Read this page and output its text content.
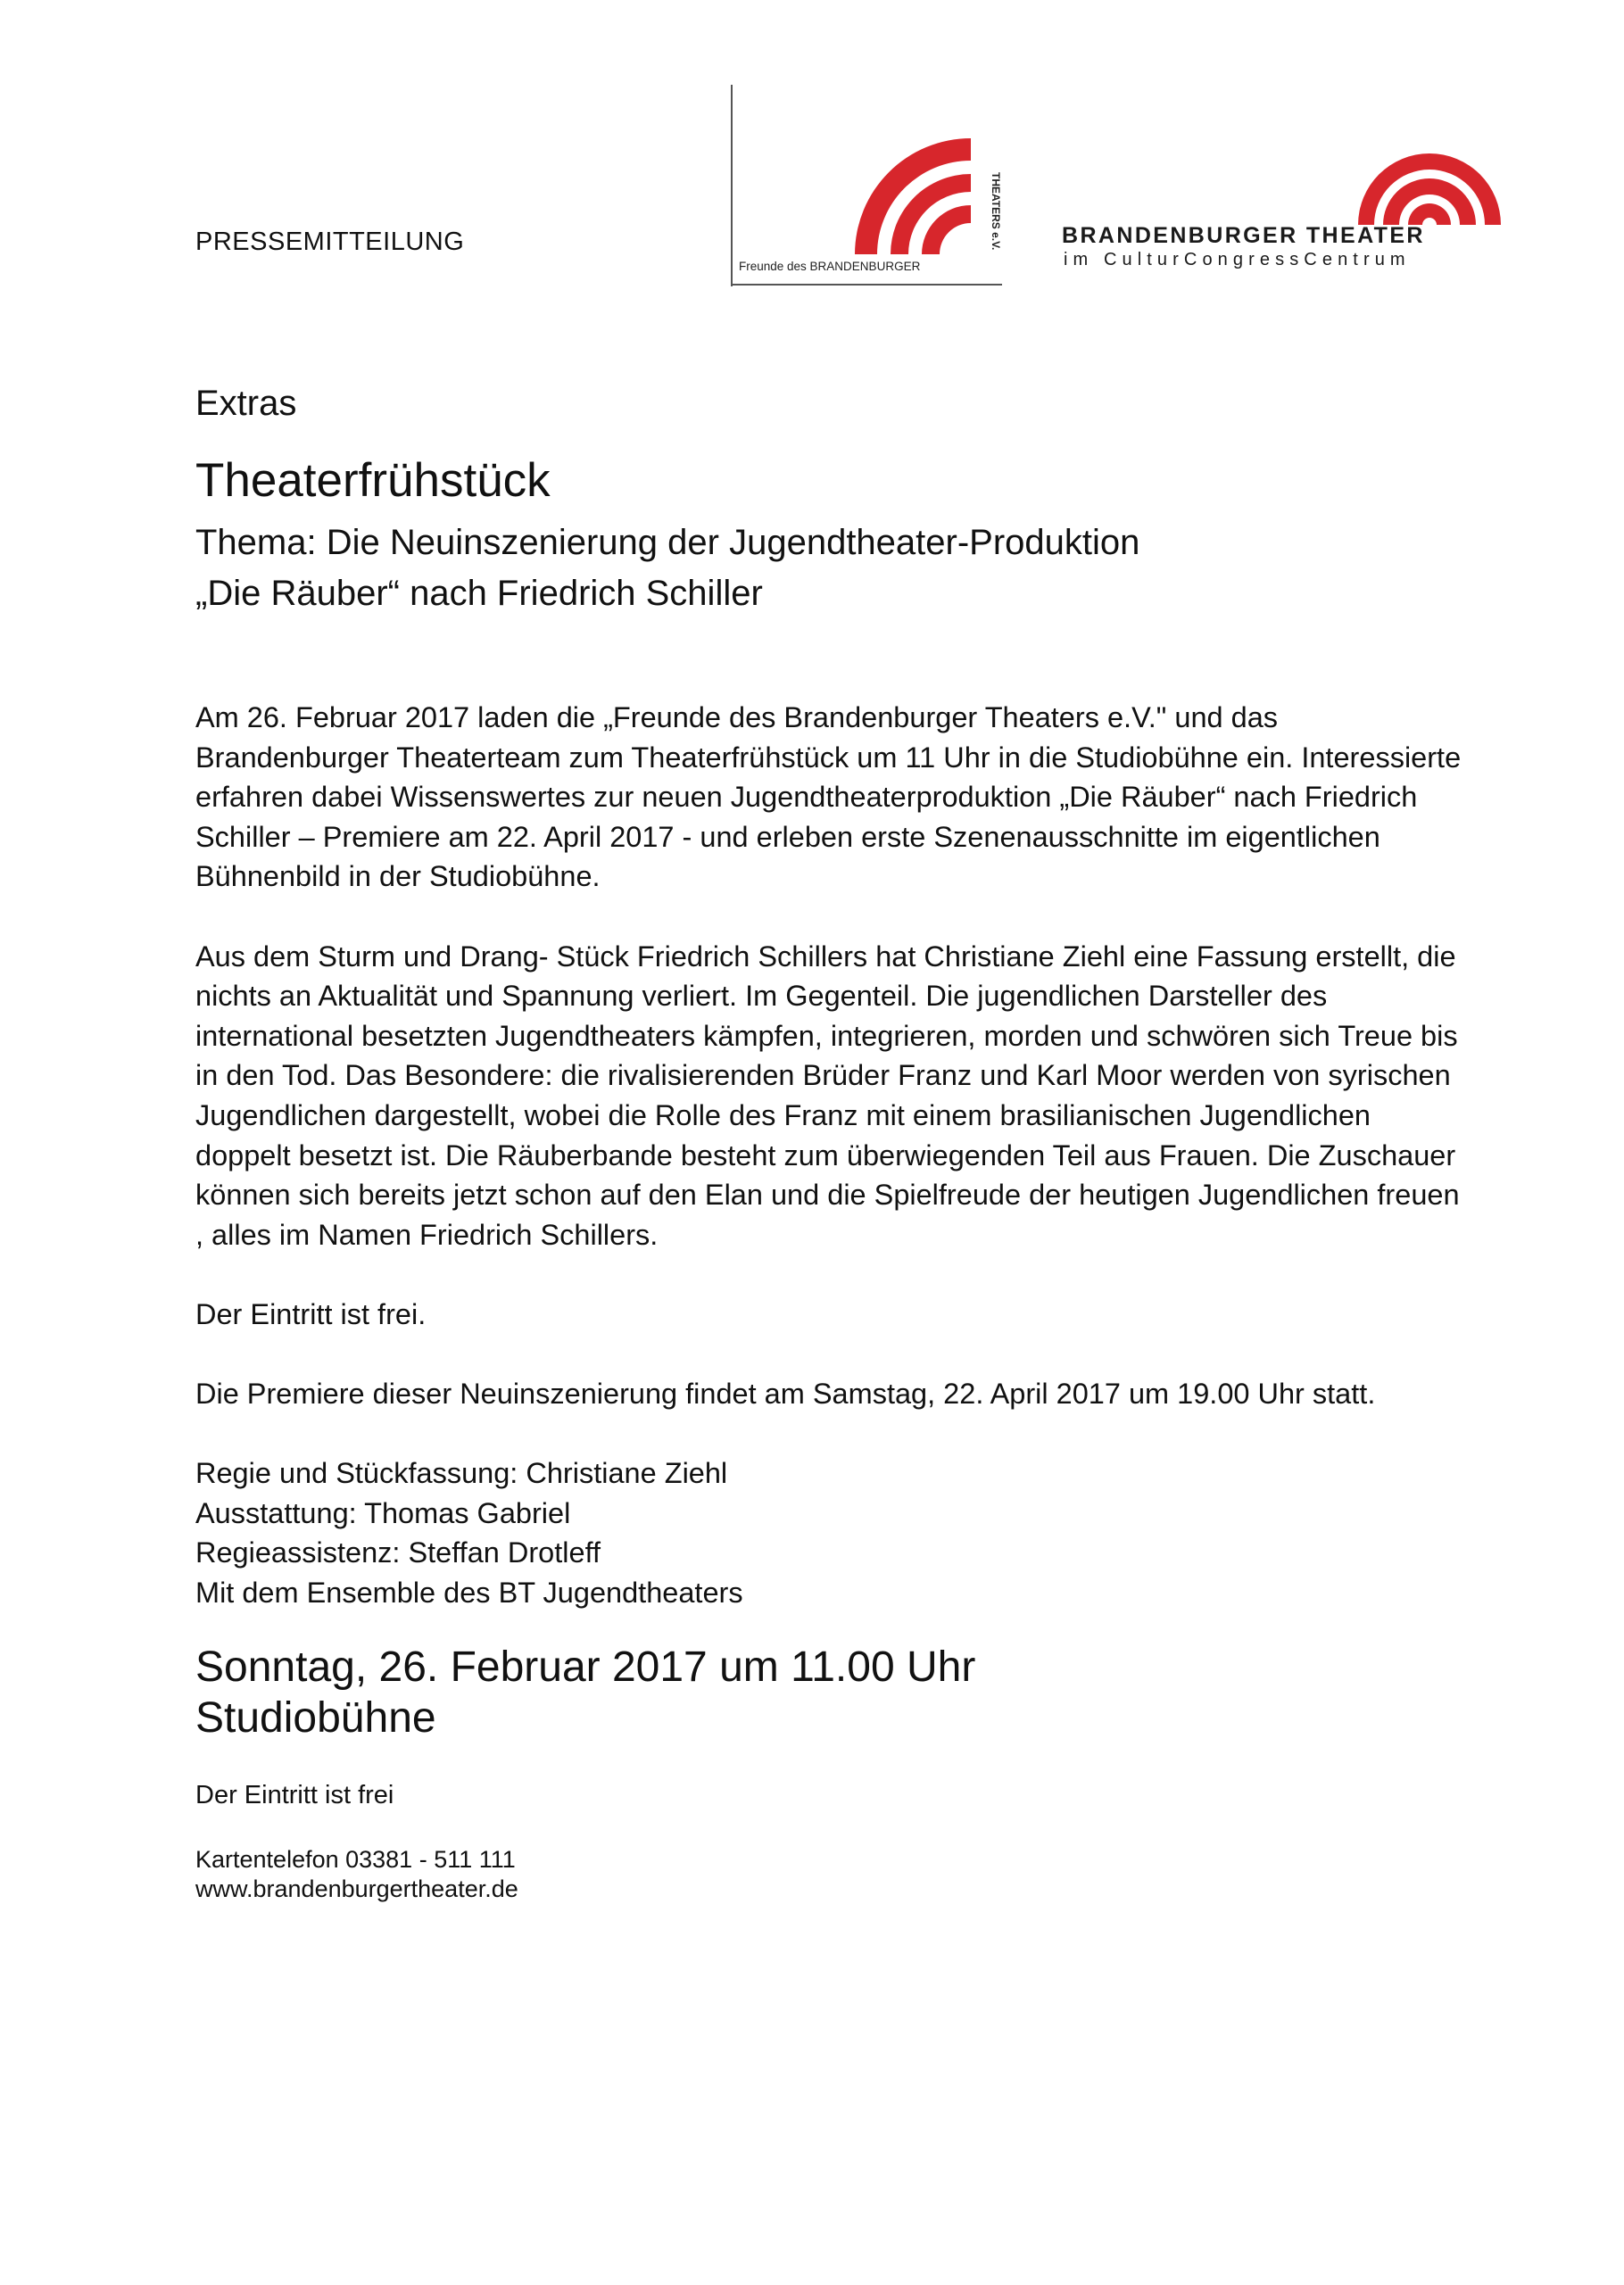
PRESSEMITTEILUNG
Freunde des BRANDENBURGER
THEATERS e.V.	BRANDENBURGER THEATER
im CulturCongressCentrum
Extras
Theaterfrühstück
Thema: Die Neuinszenierung der Jugendtheater-Produktion
„Die Räuber“ nach Friedrich Schiller

Am 26. Februar 2017 laden die „Freunde des Brandenburger Theaters e.V." und das Brandenburger Theaterteam zum Theaterfrühstück um 11 Uhr in die Studiobühne ein. Interessierte erfahren dabei Wissenswertes zur neuen Jugendtheaterproduktion „Die Räuber“ nach Friedrich Schiller – Premiere am 22. April 2017 - und erleben erste Szenenausschnitte im eigentlichen Bühnenbild in der Studiobühne.

Aus dem Sturm und Drang- Stück Friedrich Schillers hat Christiane Ziehl eine Fassung erstellt, die nichts an Aktualität und Spannung verliert. Im Gegenteil. Die jugendlichen Darsteller des international besetzten Jugendtheaters kämpfen, integrieren, morden und schwören sich Treue bis in den Tod. Das Besondere: die rivalisierenden Brüder Franz und Karl Moor werden von syrischen Jugendlichen dargestellt, wobei die Rolle des Franz mit einem brasilianischen Jugendlichen doppelt besetzt ist. Die Räuberbande besteht zum überwiegenden Teil aus Frauen. Die Zuschauer können sich bereits jetzt schon auf den Elan und die Spielfreude der heutigen Jugendlichen freuen , alles im Namen Friedrich Schillers.

Der Eintritt ist frei.

Die Premiere dieser Neuinszenierung findet am Samstag, 22. April 2017 um 19.00 Uhr statt.

Regie und Stückfassung: Christiane Ziehl
Ausstattung: Thomas Gabriel
Regieassistenz: Steffan Drotleff
Mit dem Ensemble des BT Jugendtheaters
Sonntag, 26. Februar 2017 um 11.00 Uhr
Studiobühne
Der Eintritt ist frei
Kartentelefon 03381 - 511 111
www.brandenburgertheater.de
